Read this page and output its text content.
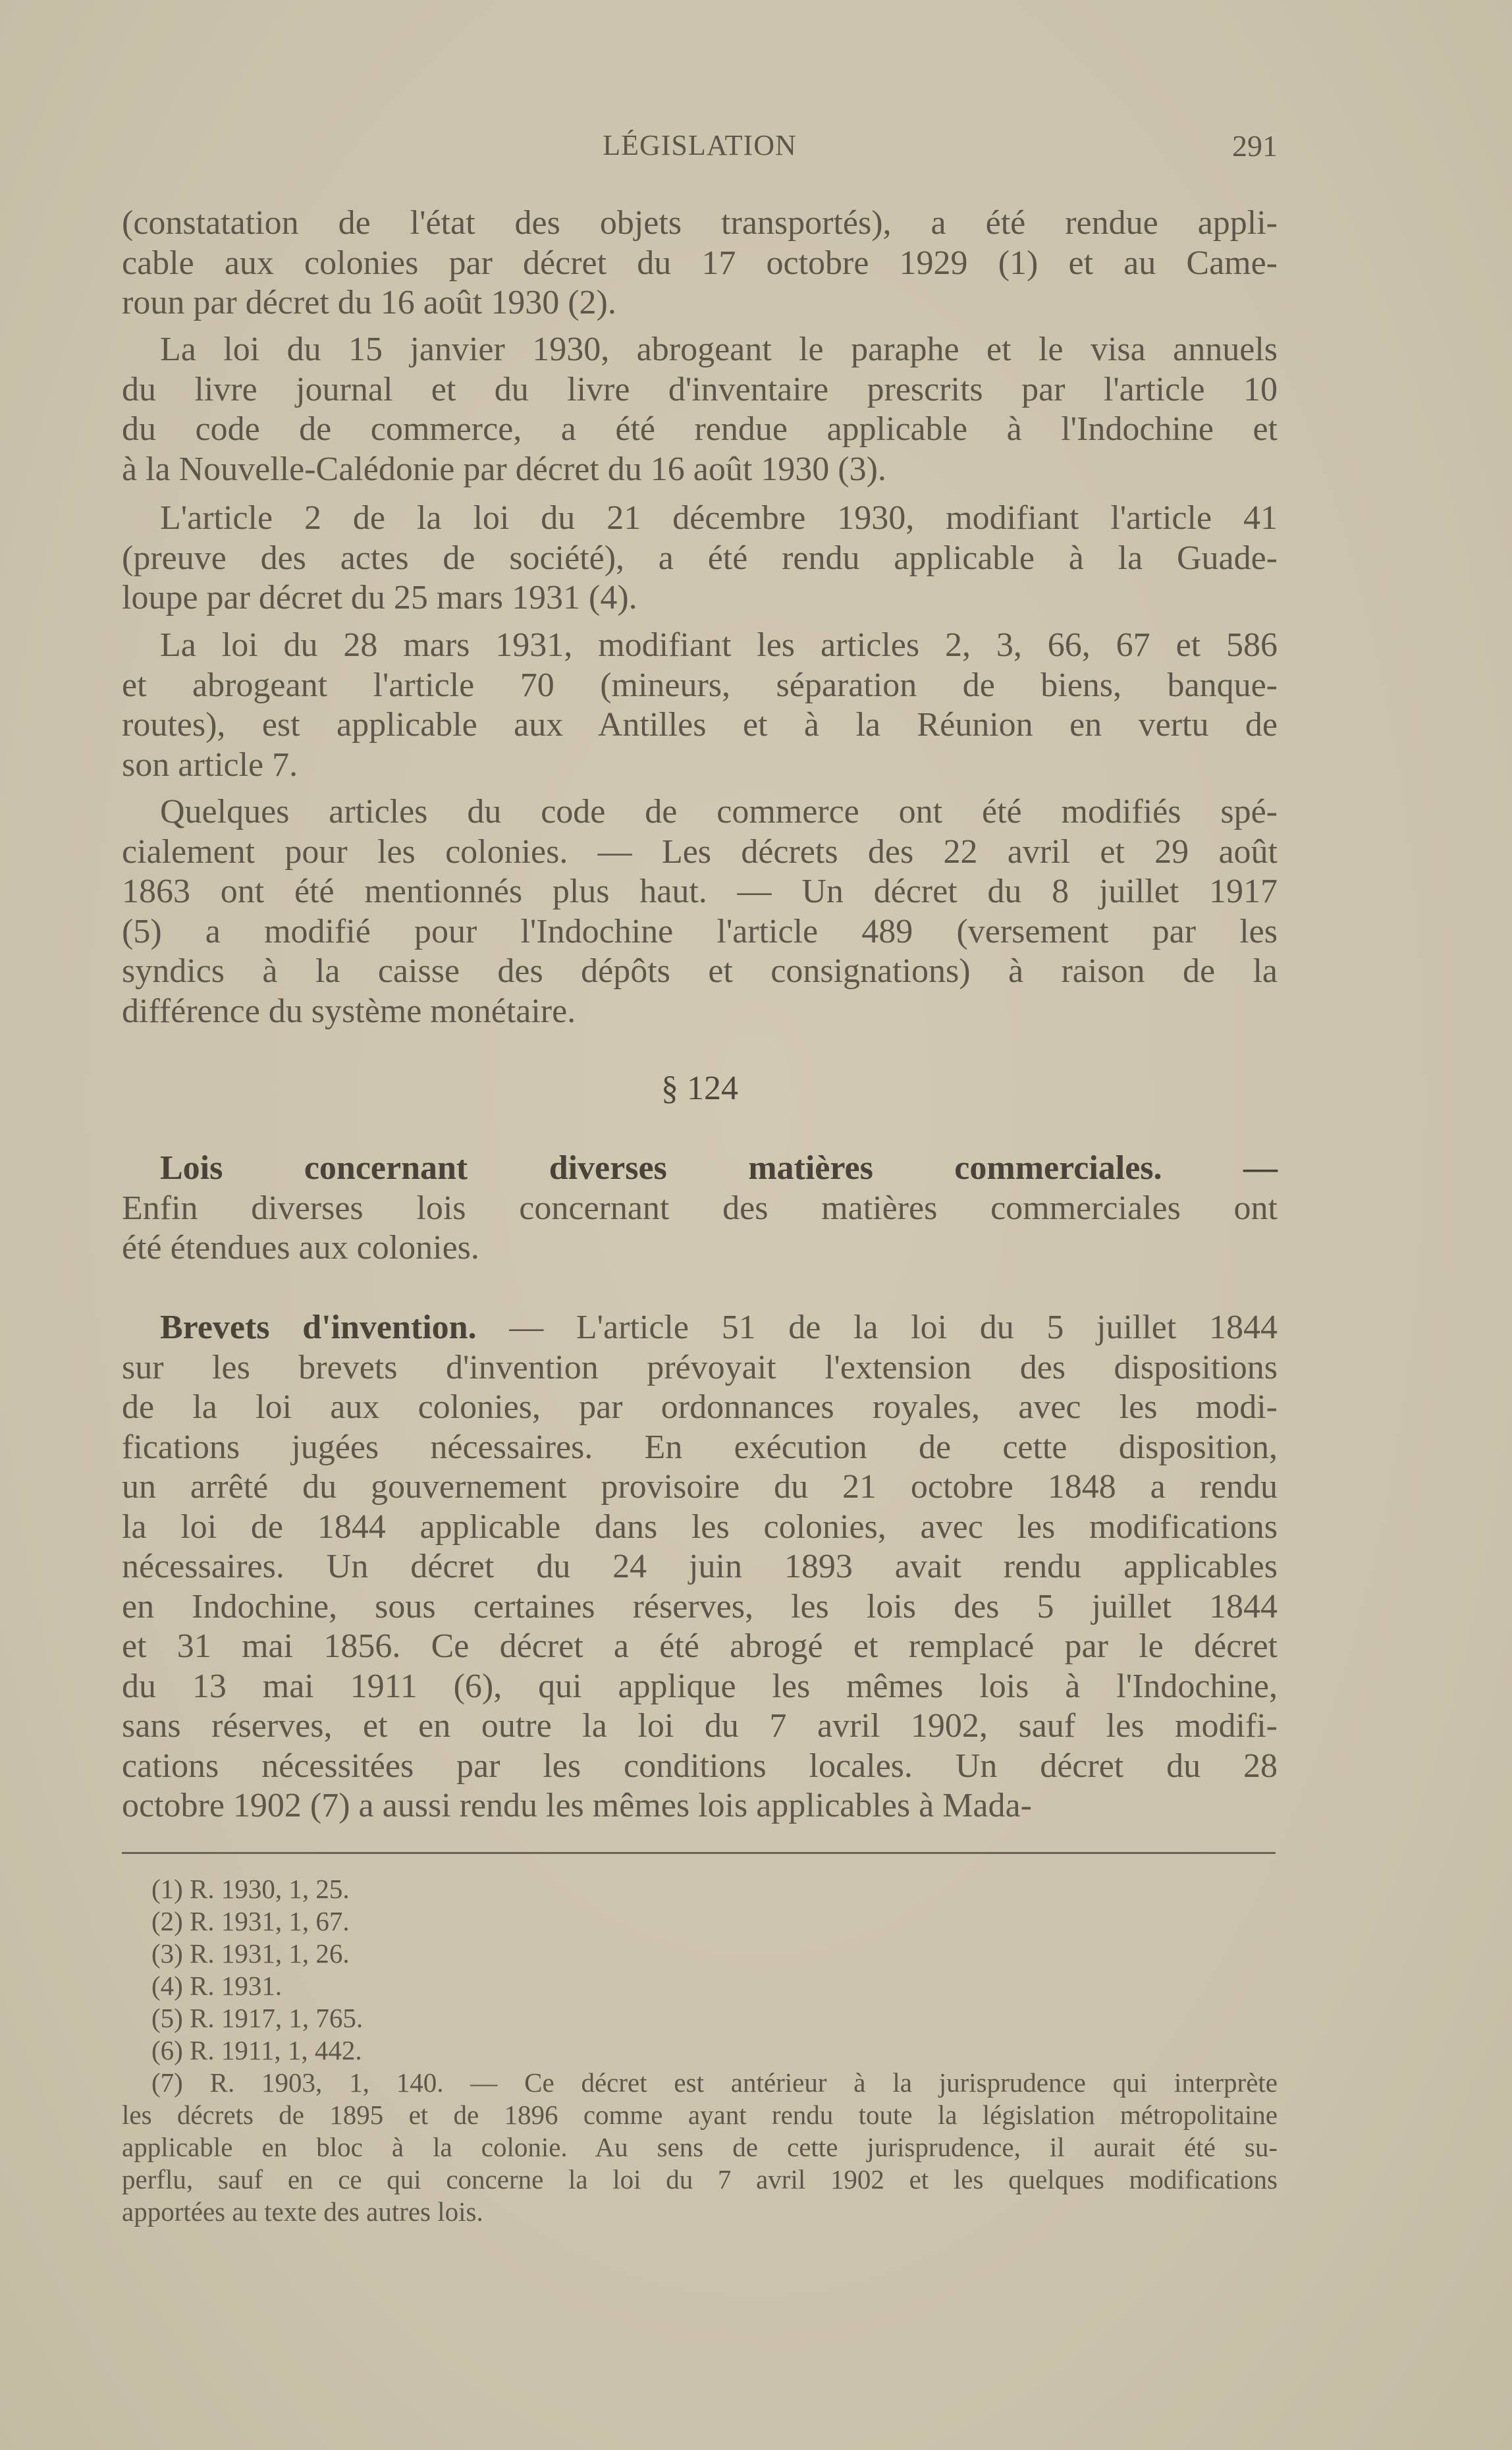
LÉGISLATION	291
(constatation de l'état des objets transportés), a été rendue appli-
cable aux colonies par décret du 17 octobre 1929 (1) et au Came-
roun par décret du 16 août 1930 (2).
La loi du 15 janvier 1930, abrogeant le paraphe et le visa annuels
du livre journal et du livre d'inventaire prescrits par l'article 10
du code de commerce, a été rendue applicable à l'Indochine et
à la Nouvelle-Calédonie par décret du 16 août 1930 (3).
L'article 2 de la loi du 21 décembre 1930, modifiant l'article 41
(preuve des actes de société), a été rendu applicable à la Guade-
loupe par décret du 25 mars 1931 (4).
La loi du 28 mars 1931, modifiant les articles 2, 3, 66, 67 et 586
et abrogeant l'article 70 (mineurs, séparation de biens, banque-
routes), est applicable aux Antilles et à la Réunion en vertu de
son article 7.
Quelques articles du code de commerce ont été modifiés spé-
cialement pour les colonies. — Les décrets des 22 avril et 29 août
1863 ont été mentionnés plus haut. — Un décret du 8 juillet 1917
(5) a modifié pour l'Indochine l'article 489 (versement par les
syndics à la caisse des dépôts et consignations) à raison de la
différence du système monétaire.
§ 124
Lois concernant diverses matières commerciales. —
Enfin diverses lois concernant des matières commerciales ont
été étendues aux colonies.
Brevets d'invention. — L'article 51 de la loi du 5 juillet 1844
sur les brevets d'invention prévoyait l'extension des dispositions
de la loi aux colonies, par ordonnances royales, avec les modi-
fications jugées nécessaires. En exécution de cette disposition,
un arrêté du gouvernement provisoire du 21 octobre 1848 a rendu
la loi de 1844 applicable dans les colonies, avec les modifications
nécessaires. Un décret du 24 juin 1893 avait rendu applicables
en Indochine, sous certaines réserves, les lois des 5 juillet 1844
et 31 mai 1856. Ce décret a été abrogé et remplacé par le décret
du 13 mai 1911 (6), qui applique les mêmes lois à l'Indochine,
sans réserves, et en outre la loi du 7 avril 1902, sauf les modifi-
cations nécessitées par les conditions locales. Un décret du 28
octobre 1902 (7) a aussi rendu les mêmes lois applicables à Mada-
(1) R. 1930, 1, 25.
(2) R. 1931, 1, 67.
(3) R. 1931, 1, 26.
(4) R. 1931.
(5) R. 1917, 1, 765.
(6) R. 1911, 1, 442.
(7) R. 1903, 1, 140. — Ce décret est antérieur à la jurisprudence qui interprète
les décrets de 1895 et de 1896 comme ayant rendu toute la législation métropolitaine
applicable en bloc à la colonie. Au sens de cette jurisprudence, il aurait été su-
perflu, sauf en ce qui concerne la loi du 7 avril 1902 et les quelques modifications
apportées au texte des autres lois.
